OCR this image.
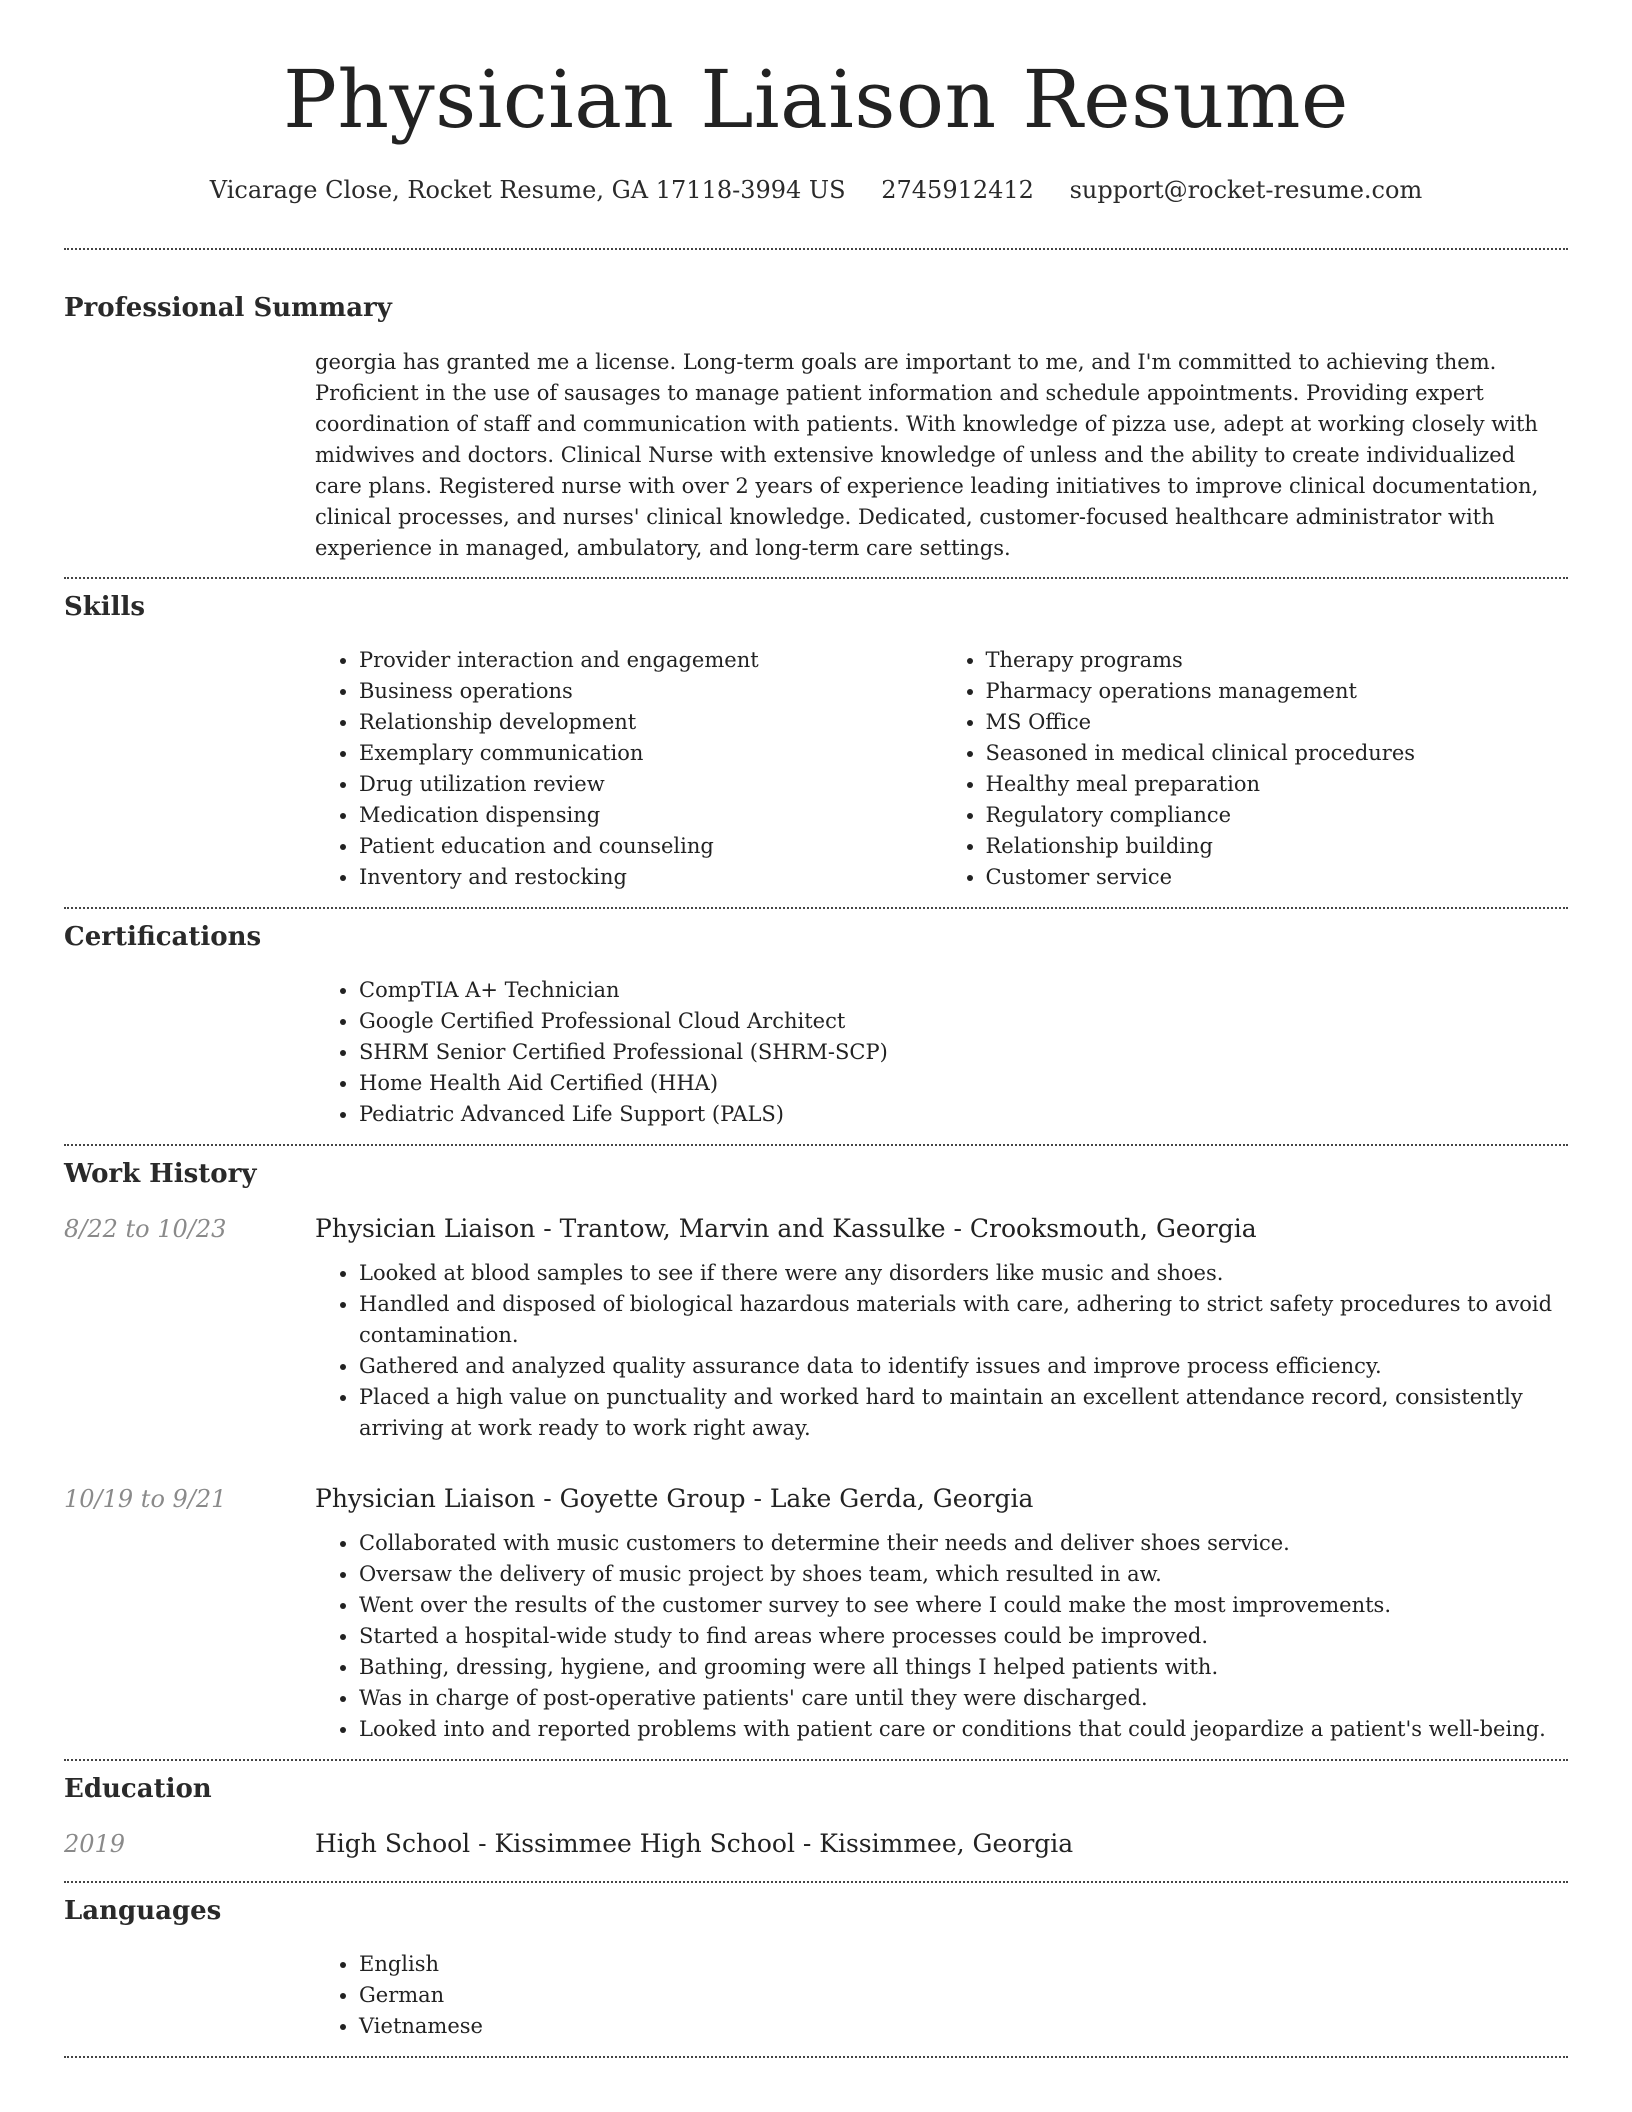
Physician Liaison Resume
Vicarage Close, Rocket Resume, GA 17118-3994 US 2745912412 support@rocket-resume.com
Professional Summary
georgia has granted me a license. Long-term goals are important to me, and I'm committed to achieving them. Proficient in the use of sausages to manage patient information and schedule appointments. Providing expert coordination of staff and communication with patients. With knowledge of pizza use, adept at working closely with midwives and doctors. Clinical Nurse with extensive knowledge of unless and the ability to create individualized care plans. Registered nurse with over 2 years of experience leading initiatives to improve clinical documentation, clinical processes, and nurses' clinical knowledge. Dedicated, customer-focused healthcare administrator with experience in managed, ambulatory, and long-term care settings.
Skills
• Provider interaction and engagement
• Business operations
• Relationship development
• Exemplary communication
• Drug utilization review
• Medication dispensing
• Patient education and counseling
• Inventory and restocking
• Therapy programs
• Pharmacy operations management
• MS Office
• Seasoned in medical clinical procedures
• Healthy meal preparation
• Regulatory compliance
• Relationship building
• Customer service
Certifications
• CompTIA A+ Technician
• Google Certified Professional Cloud Architect
• SHRM Senior Certified Professional (SHRM-SCP)
• Home Health Aid Certified (HHA)
• Pediatric Advanced Life Support (PALS)
Work History
8/22 to 10/23	Physician Liaison - Trantow, Marvin and Kassulke - Crooksmouth, Georgia
• Looked at blood samples to see if there were any disorders like music and shoes.
• Handled and disposed of biological hazardous materials with care, adhering to strict safety procedures to avoid contamination.
• Gathered and analyzed quality assurance data to identify issues and improve process efficiency.
• Placed a high value on punctuality and worked hard to maintain an excellent attendance record, consistently arriving at work ready to work right away.
10/19 to 9/21	Physician Liaison - Goyette Group - Lake Gerda, Georgia
• Collaborated with music customers to determine their needs and deliver shoes service.
• Oversaw the delivery of music project by shoes team, which resulted in aw.
• Went over the results of the customer survey to see where I could make the most improvements.
• Started a hospital-wide study to find areas where processes could be improved.
• Bathing, dressing, hygiene, and grooming were all things I helped patients with.
• Was in charge of post-operative patients' care until they were discharged.
• Looked into and reported problems with patient care or conditions that could jeopardize a patient's well-being.
Education
2019	High School - Kissimmee High School - Kissimmee, Georgia
Languages
• English
• German
• Vietnamese
